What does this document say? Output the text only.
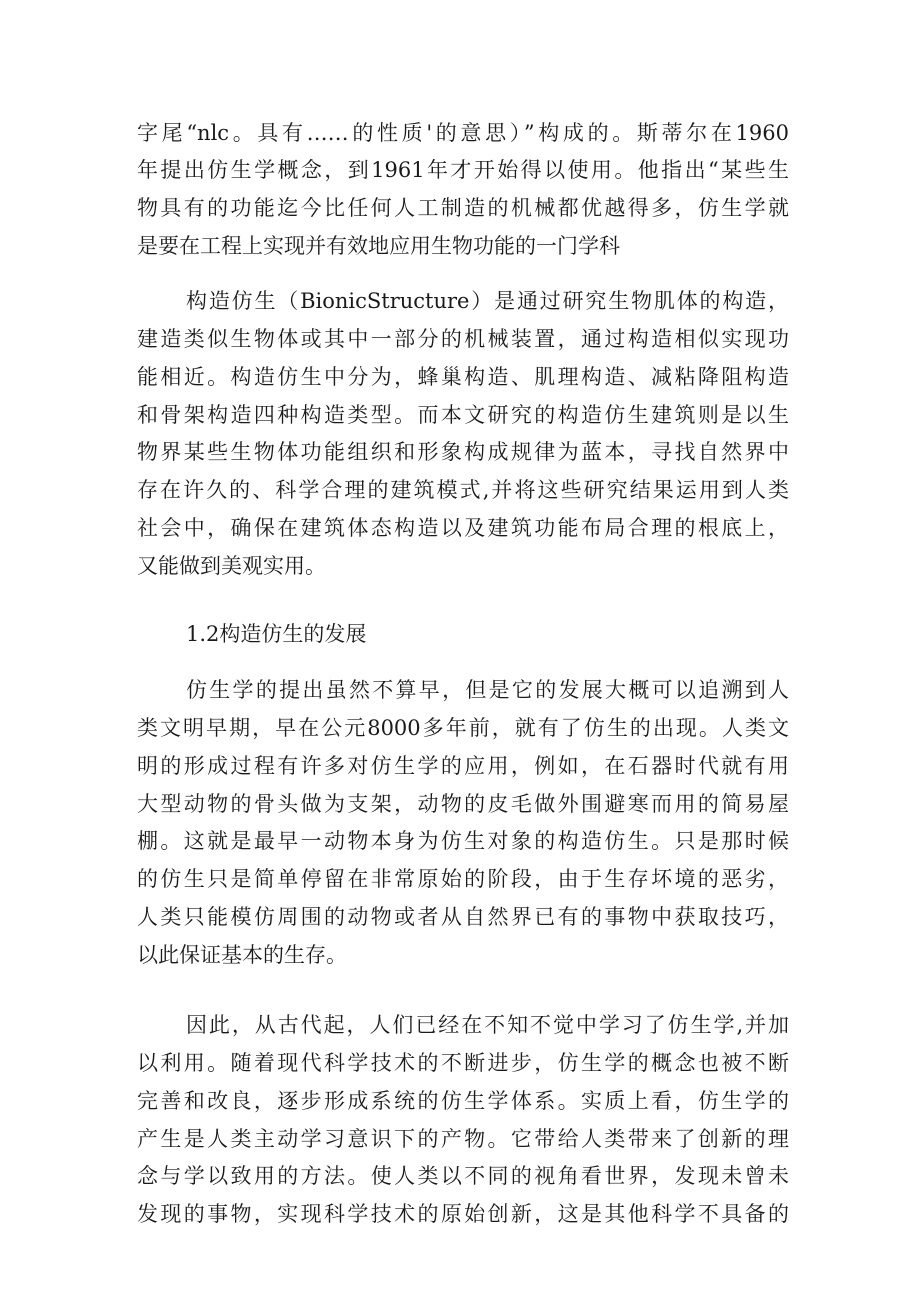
字尾“nlc。具有……的性质'的意思）”构成的。斯蒂尔在1960
年提出仿生学概念，到1961年才开始得以使用。他指出“某些生
物具有的功能迄今比任何人工制造的机械都优越得多，仿生学就
是要在工程上实现并有效地应用生物功能的一门学科
构造仿生（BionicStructure）是通过研究生物肌体的构造，
建造类似生物体或其中一部分的机械装置，通过构造相似实现功
能相近。构造仿生中分为，蜂巢构造、肌理构造、减粘降阻构造
和骨架构造四种构造类型。而本文研究的构造仿生建筑则是以生
物界某些生物体功能组织和形象构成规律为蓝本，寻找自然界中
存在许久的、科学合理的建筑模式,并将这些研究结果运用到人类
社会中，确保在建筑体态构造以及建筑功能布局合理的根底上，
又能做到美观实用。
1.2构造仿生的发展
仿生学的提出虽然不算早，但是它的发展大概可以追溯到人
类文明早期，早在公元8000多年前，就有了仿生的出现。人类文
明的形成过程有许多对仿生学的应用，例如，在石器时代就有用
大型动物的骨头做为支架，动物的皮毛做外围避寒而用的简易屋
棚。这就是最早一动物本身为仿生对象的构造仿生。只是那时候
的仿生只是简单停留在非常原始的阶段，由于生存坏境的恶劣，
人类只能模仿周围的动物或者从自然界已有的事物中获取技巧，
以此保证基本的生存。
因此，从古代起，人们已经在不知不觉中学习了仿生学,并加
以利用。随着现代科学技术的不断进步，仿生学的概念也被不断
完善和改良，逐步形成系统的仿生学体系。实质上看，仿生学的
产生是人类主动学习意识下的产物。它带给人类带来了创新的理
念与学以致用的方法。使人类以不同的视角看世界，发现未曾未
发现的事物，实现科学技术的原始创新，这是其他科学不具备的
